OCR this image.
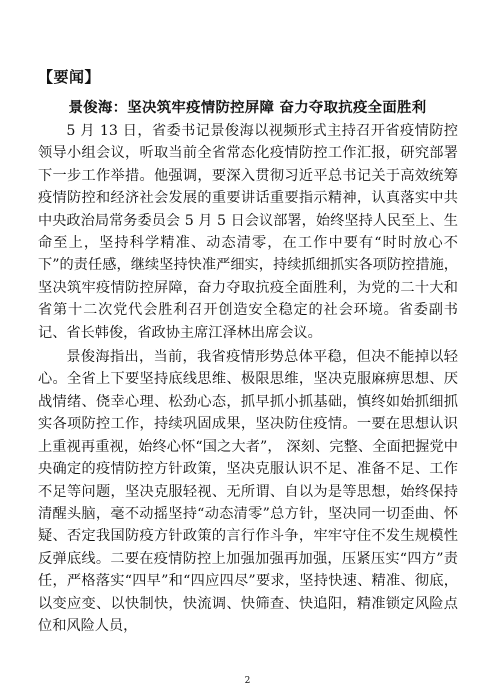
【要闻】
景俊海：坚决筑牢疫情防控屏障 奋力夺取抗疫全面胜利

5 月 13 日，省委书记景俊海以视频形式主持召开省疫情防控领导小组会议，听取当前全省常态化疫情防控工作汇报，研究部署下一步工作举措。他强调，要深入贯彻习近平总书记关于高效统筹疫情防控和经济社会发展的重要讲话重要指示精神，认真落实中共中央政治局常务委员会 5 月 5 日会议部署，始终坚持人民至上、生命至上，坚持科学精准、动态清零，在工作中要有“时时放心不下”的责任感，继续坚持快准严细实，持续抓细抓实各项防控措施，坚决筑牢疫情防控屏障，奋力夺取抗疫全面胜利，为党的二十大和省第十二次党代会胜利召开创造安全稳定的社会环境。省委副书记、省长韩俊，省政协主席江泽林出席会议。

景俊海指出，当前，我省疫情形势总体平稳，但决不能掉以轻心。全省上下要坚持底线思维、极限思维，坚决克服麻痹思想、厌战情绪、侥幸心理、松劲心态，抓早抓小抓基础，慎终如始抓细抓实各项防控工作，持续巩固成果，坚决防住疫情。一要在思想认识上重视再重视，始终心怀“国之大者”， 深刻、完整、全面把握党中央确定的疫情防控方针政策，坚决克服认识不足、准备不足、工作不足等问题，坚决克服轻视、无所谓、自以为是等思想，始终保持清醒头脑，毫不动摇坚持“动态清零”总方针，坚决同一切歪曲、怀疑、否定我国防疫方针政策的言行作斗争，牢牢守住不发生规模性反弹底线。二要在疫情防控上加强加强再加强，压紧压实“四方”责任，严格落实“四早”和“四应四尽”要求，坚持快速、精准、彻底，以变应变、以快制快，快流调、快筛查、快追阳，精准锁定风险点位和风险人员，

2
